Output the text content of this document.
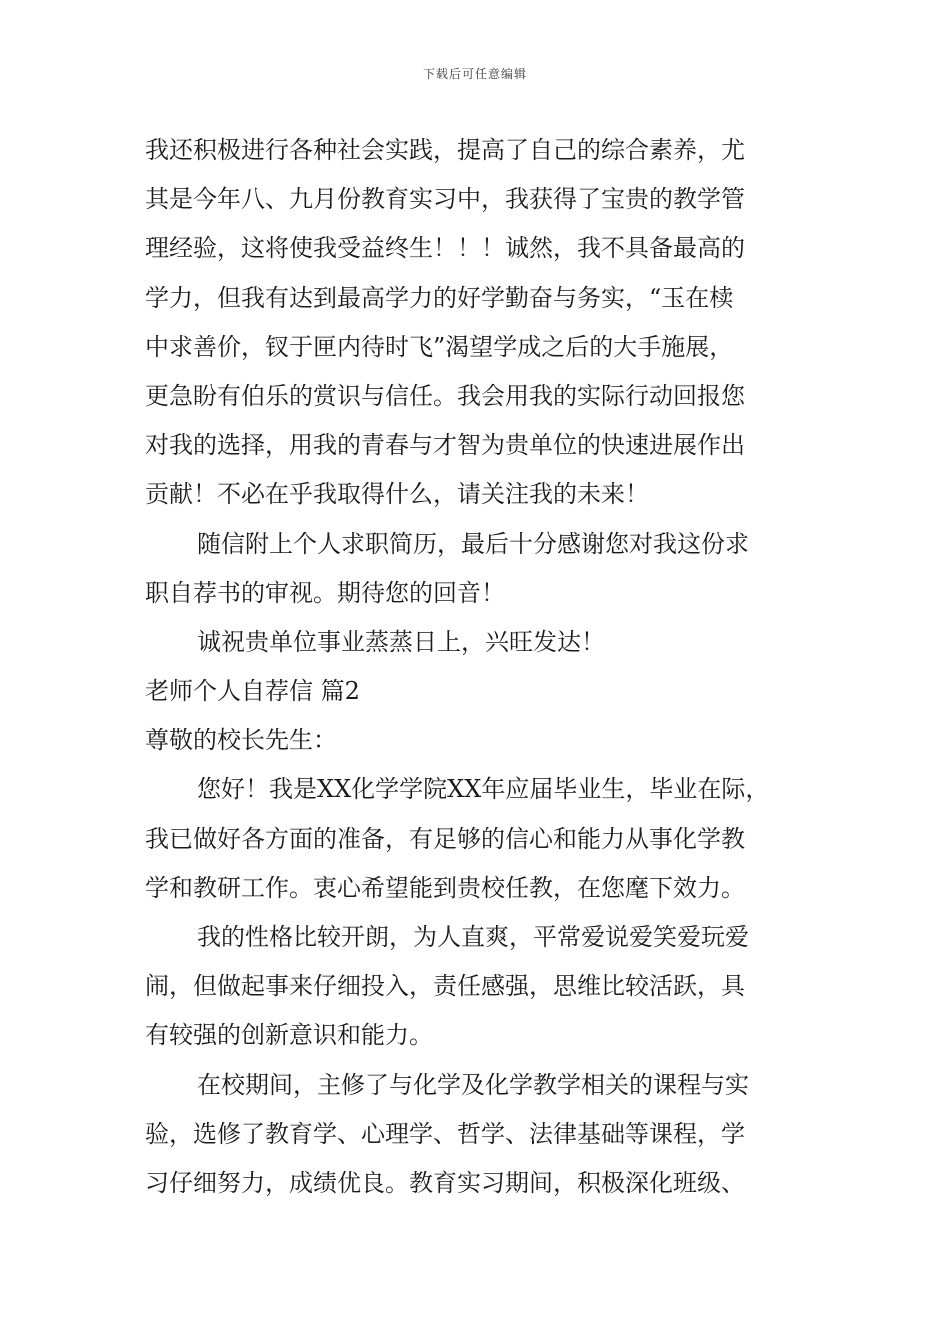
下载后可任意编辑
我还积极进行各种社会实践，提高了自己的综合素养，尤
其是今年八、九月份教育实习中，我获得了宝贵的教学管
理经验，这将使我受益终生！！！诚然，我不具备最高的
学力，但我有达到最高学力的好学勤奋与务实，“玉在椟
中求善价，钗于匣内待时飞”渴望学成之后的大手施展，
更急盼有伯乐的赏识与信任。我会用我的实际行动回报您
对我的选择，用我的青春与才智为贵单位的快速进展作出
贡献！不必在乎我取得什么，请关注我的未来！
随信附上个人求职简历，最后十分感谢您对我这份求
职自荐书的审视。期待您的回音！
诚祝贵单位事业蒸蒸日上，兴旺发达！
老师个人自荐信 篇2
尊敬的校长先生：
您好！我是XX化学学院XX年应届毕业生，毕业在际，
我已做好各方面的准备，有足够的信心和能力从事化学教
学和教研工作。衷心希望能到贵校任教，在您麾下效力。
我的性格比较开朗，为人直爽，平常爱说爱笑爱玩爱
闹，但做起事来仔细投入，责任感强，思维比较活跃，具
有较强的创新意识和能力。
在校期间，主修了与化学及化学教学相关的课程与实
验，选修了教育学、心理学、哲学、法律基础等课程，学
习仔细努力，成绩优良。教育实习期间，积极深化班级、
